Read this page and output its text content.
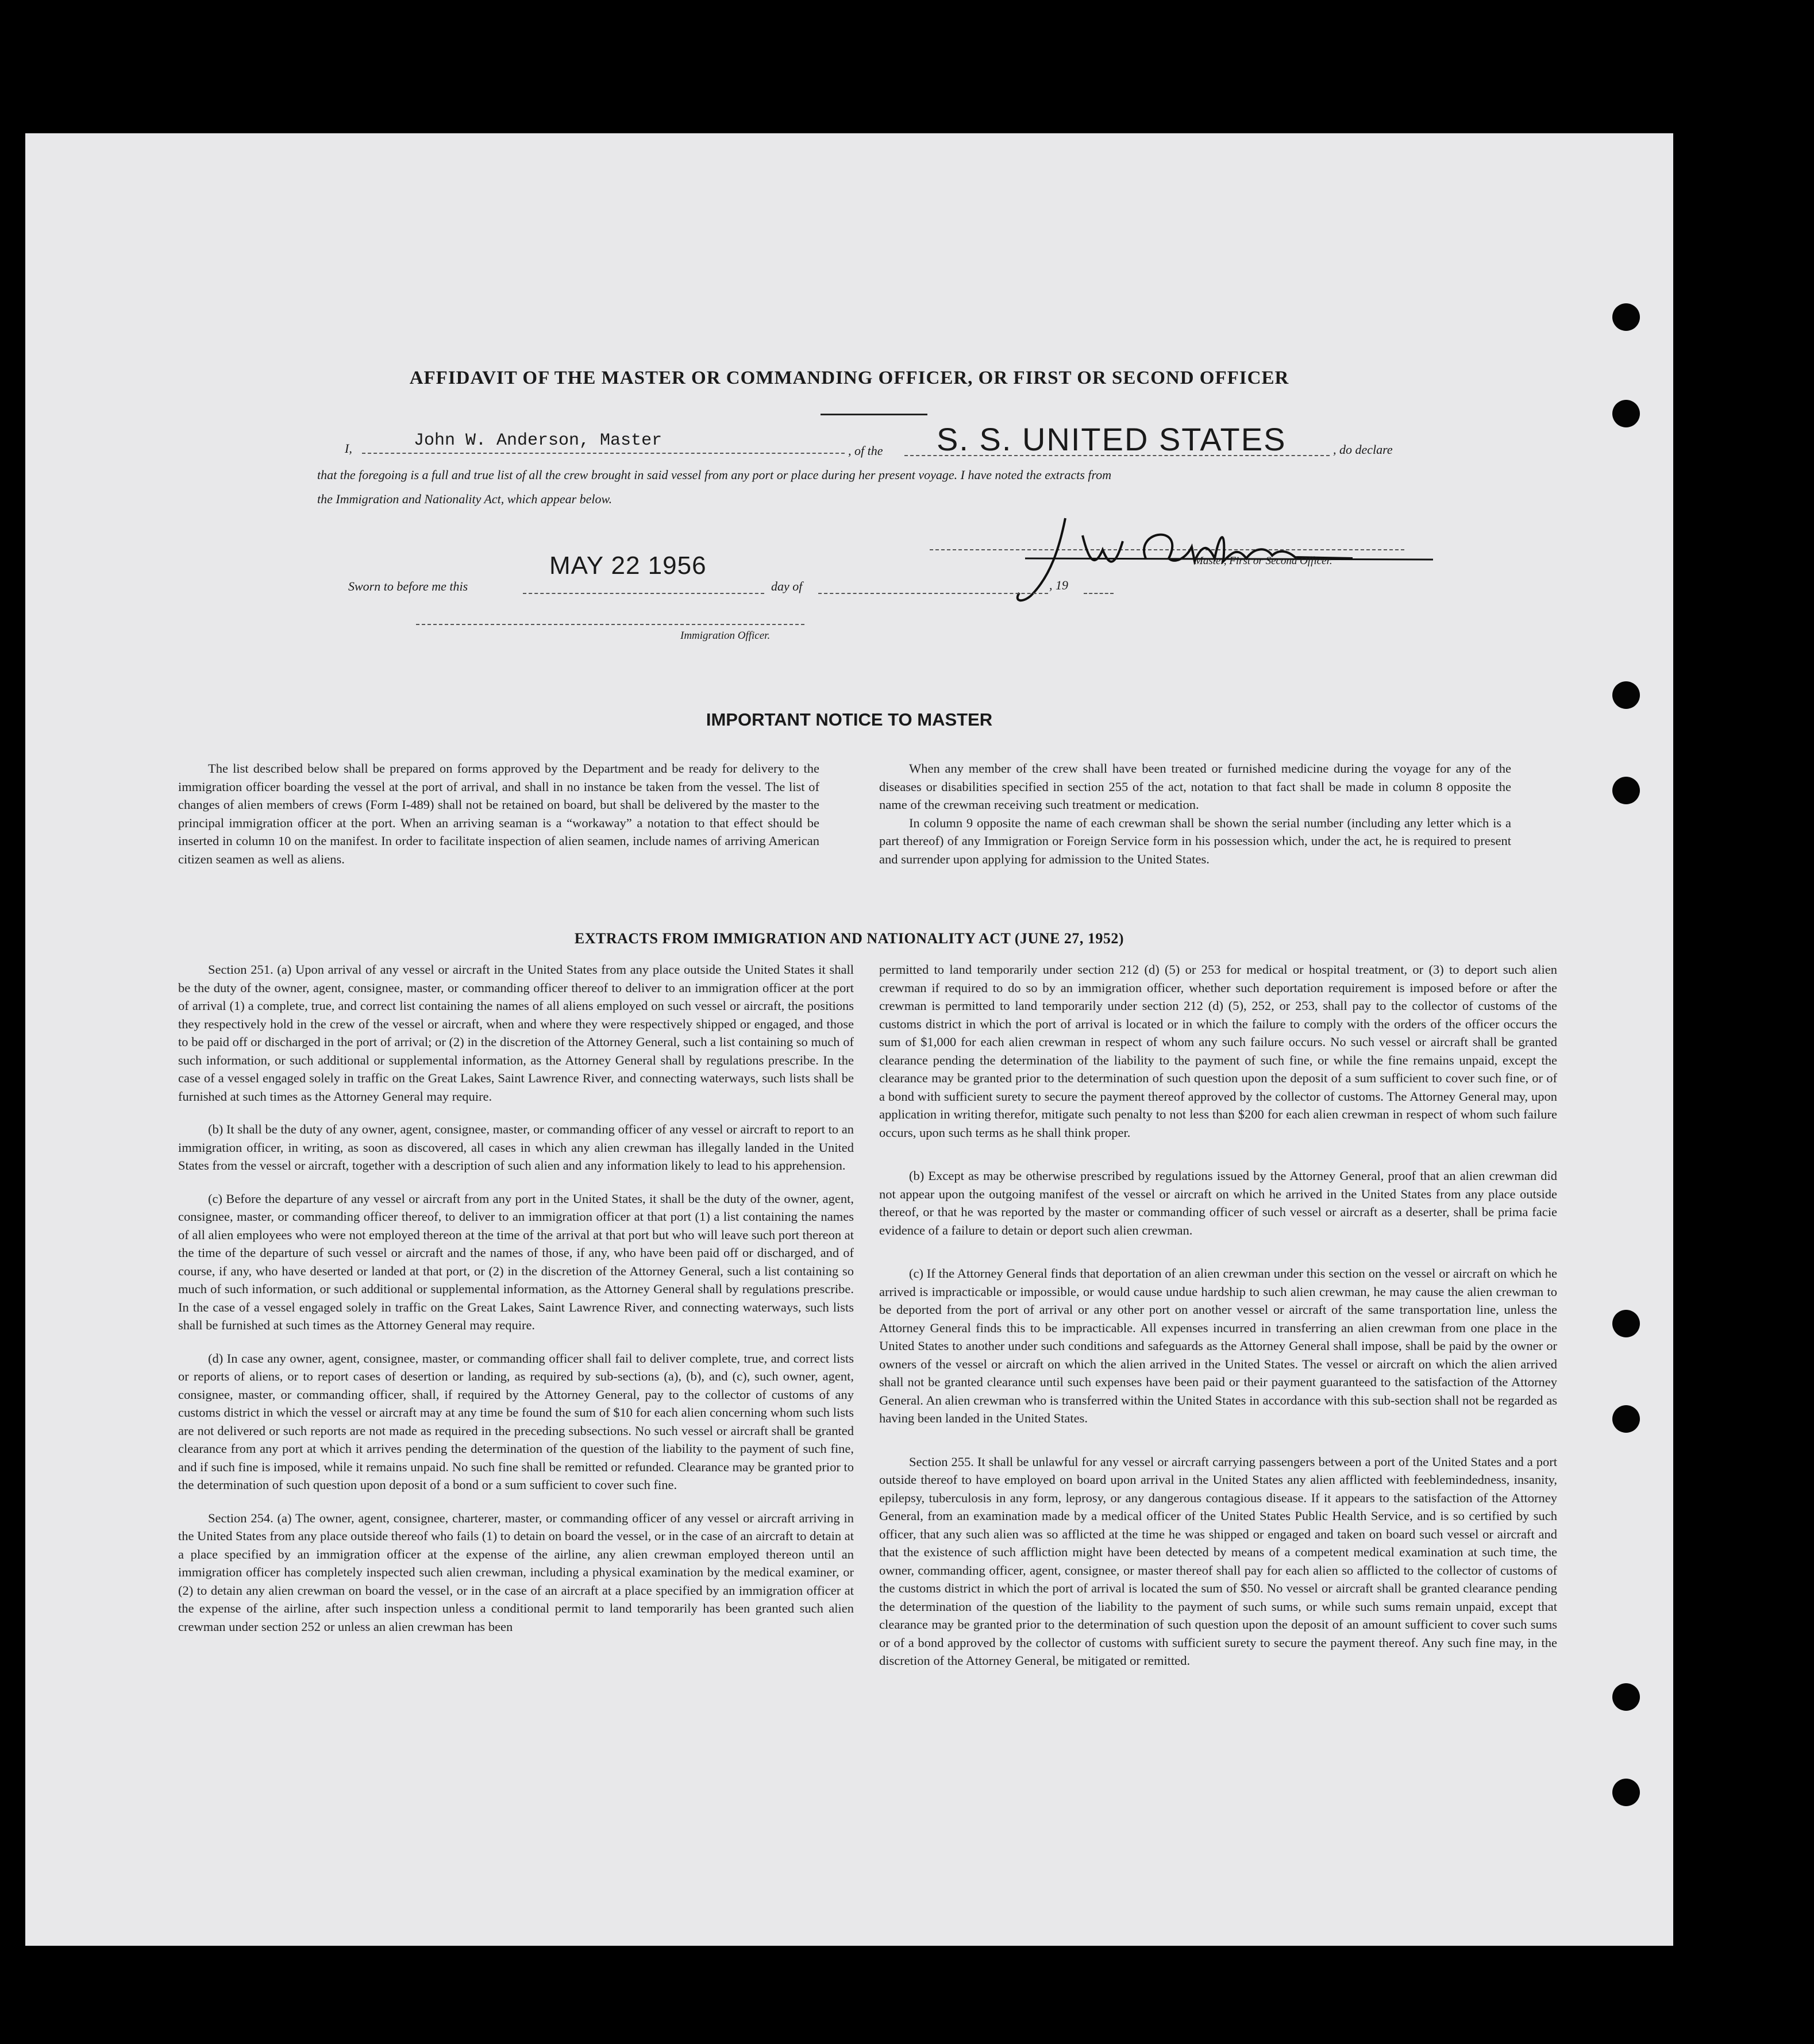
AFFIDAVIT OF THE MASTER OR COMMANDING OFFICER, OR FIRST OR SECOND OFFICER
I,	John W. Anderson, Master
, of the S. S. UNITED STATES	, do declare
that the foregoing is a full and true list of all the crew brought in said vessel from any port or place during her present voyage. I have noted the extracts from
the Immigration and Nationality Act, which appear below.
Master, First or Second Officer.
Sworn to before me this
MAY 22 1956
day of	, 19
Immigration Officer.
IMPORTANT NOTICE TO MASTER

The list described below shall be prepared on forms approved by the Department and be ready for delivery to the immigration officer boarding the vessel at the port of arrival, and shall in no instance be taken from the vessel. The list of changes of alien members of crews (Form I-489) shall not be retained on board, but shall be delivered by the master to the principal immigration officer at the port. When an arriving seaman is a “workaway” a notation to that effect should be inserted in column 10 on the manifest. In order to facilitate inspection of alien seamen, include names of arriving American citizen seamen as well as aliens.

When any member of the crew shall have been treated or furnished medicine during the voyage for any of the diseases or disabilities specified in section 255 of the act, notation to that fact shall be made in column 8 opposite the name of the crewman receiving such treatment or medication.

In column 9 opposite the name of each crewman shall be shown the serial number (including any letter which is a part thereof) of any Immigration or Foreign Service form in his possession which, under the act, he is required to present and surrender upon applying for admission to the United States.

EXTRACTS FROM IMMIGRATION AND NATIONALITY ACT (JUNE 27, 1952)

Section 251. (a) Upon arrival of any vessel or aircraft in the United States from any place outside the United States it shall be the duty of the owner, agent, consignee, master, or commanding officer thereof to deliver to an immigration officer at the port of arrival (1) a complete, true, and correct list containing the names of all aliens employed on such vessel or aircraft, the positions they respectively hold in the crew of the vessel or aircraft, when and where they were respectively shipped or engaged, and those to be paid off or discharged in the port of arrival; or (2) in the discretion of the Attorney General, such a list containing so much of such information, or such additional or supplemental information, as the Attorney General shall by regulations prescribe. In the case of a vessel engaged solely in traffic on the Great Lakes, Saint Lawrence River, and connecting waterways, such lists shall be furnished at such times as the Attorney General may require.

(b) It shall be the duty of any owner, agent, consignee, master, or commanding officer of any vessel or aircraft to report to an immigration officer, in writing, as soon as discovered, all cases in which any alien crewman has illegally landed in the United States from the vessel or aircraft, together with a description of such alien and any information likely to lead to his apprehension.

(c) Before the departure of any vessel or aircraft from any port in the United States, it shall be the duty of the owner, agent, consignee, master, or commanding officer thereof, to deliver to an immigration officer at that port (1) a list containing the names of all alien employees who were not employed thereon at the time of the arrival at that port but who will leave such port thereon at the time of the departure of such vessel or aircraft and the names of those, if any, who have been paid off or discharged, and of course, if any, who have deserted or landed at that port, or (2) in the discretion of the Attorney General, such a list containing so much of such information, or such additional or supplemental information, as the Attorney General shall by regulations prescribe. In the case of a vessel engaged solely in traffic on the Great Lakes, Saint Lawrence River, and connecting waterways, such lists shall be furnished at such times as the Attorney General may require.

(d) In case any owner, agent, consignee, master, or commanding officer shall fail to deliver complete, true, and correct lists or reports of aliens, or to report cases of desertion or landing, as required by sub-sections (a), (b), and (c), such owner, agent, consignee, master, or commanding officer, shall, if required by the Attorney General, pay to the collector of customs of any customs district in which the vessel or aircraft may at any time be found the sum of $10 for each alien concerning whom such lists are not delivered or such reports are not made as required in the preceding subsections. No such vessel or aircraft shall be granted clearance from any port at which it arrives pending the determination of the question of the liability to the payment of such fine, and if such fine is imposed, while it remains unpaid. No such fine shall be remitted or refunded. Clearance may be granted prior to the determination of such question upon deposit of a bond or a sum sufficient to cover such fine.

Section 254. (a) The owner, agent, consignee, charterer, master, or commanding officer of any vessel or aircraft arriving in the United States from any place outside thereof who fails (1) to detain on board the vessel, or in the case of an aircraft to detain at a place specified by an immigration officer at the expense of the airline, any alien crewman employed thereon until an immigration officer has completely inspected such alien crewman, including a physical examination by the medical examiner, or (2) to detain any alien crewman on board the vessel, or in the case of an aircraft at a place specified by an immigration officer at the expense of the airline, after such inspection unless a conditional permit to land temporarily has been granted such alien crewman under section 252 or unless an alien crewman has been

permitted to land temporarily under section 212 (d) (5) or 253 for medical or hospital treatment, or (3) to deport such alien crewman if required to do so by an immigration officer, whether such deportation requirement is imposed before or after the crewman is permitted to land temporarily under section 212 (d) (5), 252, or 253, shall pay to the collector of customs of the customs district in which the port of arrival is located or in which the failure to comply with the orders of the officer occurs the sum of $1,000 for each alien crewman in respect of whom any such failure occurs. No such vessel or aircraft shall be granted clearance pending the determination of the liability to the payment of such fine, or while the fine remains unpaid, except the clearance may be granted prior to the determination of such question upon the deposit of a sum sufficient to cover such fine, or of a bond with sufficient surety to secure the payment thereof approved by the collector of customs. The Attorney General may, upon application in writing therefor, mitigate such penalty to not less than $200 for each alien crewman in respect of whom such failure occurs, upon such terms as he shall think proper.

(b) Except as may be otherwise prescribed by regulations issued by the Attorney General, proof that an alien crewman did not appear upon the outgoing manifest of the vessel or aircraft on which he arrived in the United States from any place outside thereof, or that he was reported by the master or commanding officer of such vessel or aircraft as a deserter, shall be prima facie evidence of a failure to detain or deport such alien crewman.

(c) If the Attorney General finds that deportation of an alien crewman under this section on the vessel or aircraft on which he arrived is impracticable or impossible, or would cause undue hardship to such alien crewman, he may cause the alien crewman to be deported from the port of arrival or any other port on another vessel or aircraft of the same transportation line, unless the Attorney General finds this to be impracticable. All expenses incurred in transferring an alien crewman from one place in the United States to another under such conditions and safeguards as the Attorney General shall impose, shall be paid by the owner or owners of the vessel or aircraft on which the alien arrived in the United States. The vessel or aircraft on which the alien arrived shall not be granted clearance until such expenses have been paid or their payment guaranteed to the satisfaction of the Attorney General. An alien crewman who is transferred within the United States in accordance with this sub-section shall not be regarded as having been landed in the United States.

Section 255. It shall be unlawful for any vessel or aircraft carrying passengers between a port of the United States and a port outside thereof to have employed on board upon arrival in the United States any alien afflicted with feeblemindedness, insanity, epilepsy, tuberculosis in any form, leprosy, or any dangerous contagious disease. If it appears to the satisfaction of the Attorney General, from an examination made by a medical officer of the United States Public Health Service, and is so certified by such officer, that any such alien was so afflicted at the time he was shipped or engaged and taken on board such vessel or aircraft and that the existence of such affliction might have been detected by means of a competent medical examination at such time, the owner, commanding officer, agent, consignee, or master thereof shall pay for each alien so afflicted to the collector of customs of the customs district in which the port of arrival is located the sum of $50. No vessel or aircraft shall be granted clearance pending the determination of the question of the liability to the payment of such sums, or while such sums remain unpaid, except that clearance may be granted prior to the determination of such question upon the deposit of an amount sufficient to cover such sums or of a bond approved by the collector of customs with sufficient surety to secure the payment thereof. Any such fine may, in the discretion of the Attorney General, be mitigated or remitted.
